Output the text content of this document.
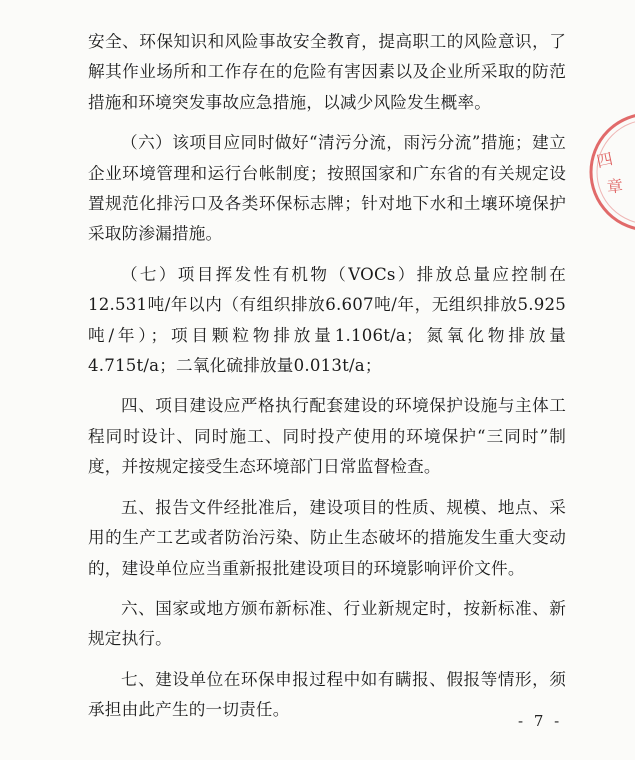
安全、环保知识和风险事故安全教育，提高职工的风险意识，了解其作业场所和工作存在的危险有害因素以及企业所采取的防范措施和环境突发事故应急措施，以减少风险发生概率。

（六）该项目应同时做好“清污分流，雨污分流”措施；建立企业环境管理和运行台帐制度；按照国家和广东省的有关规定设置规范化排污口及各类环保标志牌；针对地下水和土壤环境保护采取防渗漏措施。

（七）项目挥发性有机物（VOCs）排放总量应控制在12.531吨/年以内（有组织排放6.607吨/年，无组织排放5.925吨/年）；项目颗粒物排放量1.106t/a；氮氧化物排放量4.715t/a；二氧化硫排放量0.013t/a；

四、项目建设应严格执行配套建设的环境保护设施与主体工程同时设计、同时施工、同时投产使用的环境保护“三同时”制度，并按规定接受生态环境部门日常监督检查。

五、报告文件经批准后，建设项目的性质、规模、地点、采用的生产工艺或者防治污染、防止生态破坏的措施发生重大变动的，建设单位应当重新报批建设项目的环境影响评价文件。

六、国家或地方颁布新标准、行业新规定时，按新标准、新规定执行。

七、建设单位在环保申报过程中如有瞒报、假报等情形，须承担由此产生的一切责任。

四
章
- 7 -
